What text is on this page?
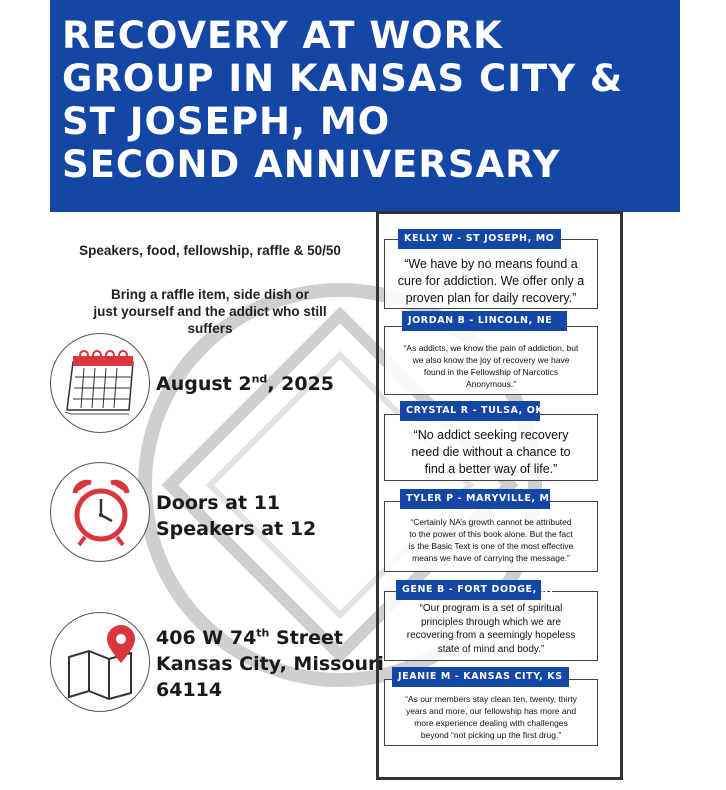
RECOVERY AT WORK
GROUP IN KANSAS CITY &
ST JOSEPH, MO
SECOND ANNIVERSARY
Speakers, food, fellowship, raffle & 50/50
Bring a raffle item, side dish or
just yourself and the addict who still
suffers
August 2nd, 2025
Doors at 11
Speakers at 12
406 W 74th Street
Kansas City, Missouri
64114
KELLY W - ST JOSEPH, MO
“We have by no means found a
cure for addiction. We offer only a
proven plan for daily recovery.”
JORDAN B - LINCOLN, NE
“As addicts, we know the pain of addiction, but
we also know the joy of recovery we have
found in the Fellowship of Narcotics
Anonymous.”
CRYSTAL R - TULSA, OK
“No addict seeking recovery
need die without a chance to
find a better way of life.”
TYLER P - MARYVILLE, MO
“Certainly NA’s growth cannot be attributed
to the power of this book alone. But the fact
is the Basic Text is one of the most effective
means we have of carrying the message.”
GENE B - FORT DODGE, IA
“Our program is a set of spiritual
principles through which we are
recovering from a seemingly hopeless
state of mind and body.”
JEANIE M - KANSAS CITY, KS
“As our members stay clean ten, twenty, thirty
years and more, our fellowship has more and
more experience dealing with challenges
beyond “not picking up the first drug.”
